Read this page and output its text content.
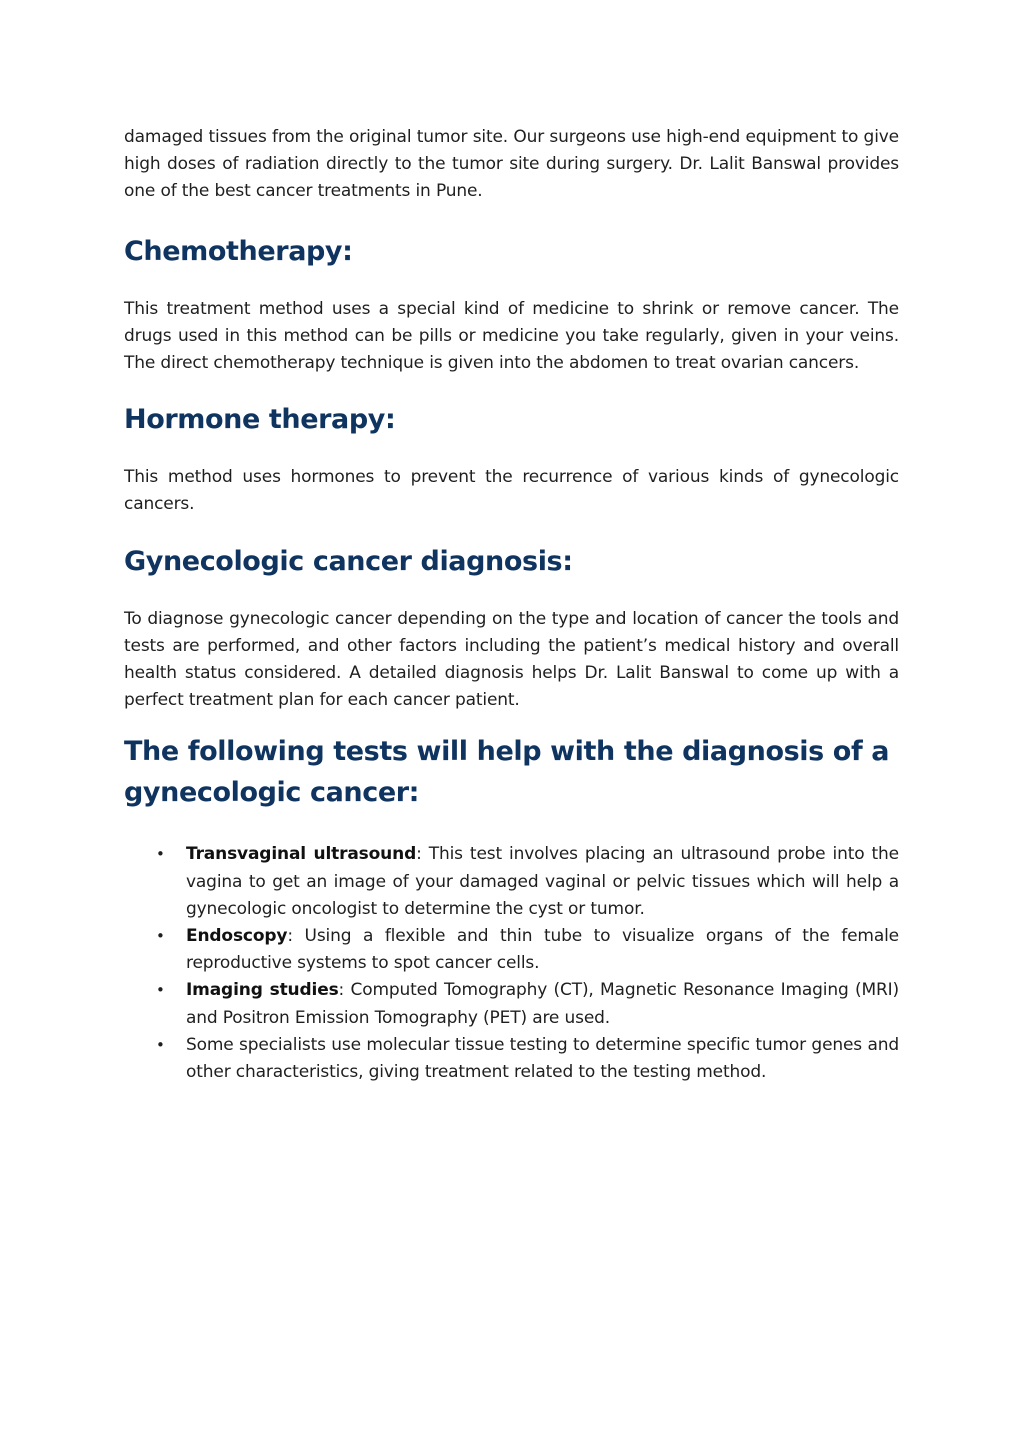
damaged tissues from the original tumor site. Our surgeons use high-end equipment to give high doses of radiation directly to the tumor site during surgery. Dr. Lalit Banswal provides one of the best cancer treatments in Pune.

Chemotherapy:

This treatment method uses a special kind of medicine to shrink or remove cancer. The drugs used in this method can be pills or medicine you take regularly, given in your veins. The direct chemotherapy technique is given into the abdomen to treat ovarian cancers.

Hormone therapy:

This method uses hormones to prevent the recurrence of various kinds of gynecologic cancers.

Gynecologic cancer diagnosis:

To diagnose gynecologic cancer depending on the type and location of cancer the tools and tests are performed, and other factors including the patient’s medical history and overall health status considered. A detailed diagnosis helps Dr. Lalit Banswal to come up with a perfect treatment plan for each cancer patient.

The following tests will help with the diagnosis of a gynecologic cancer:
• Transvaginal ultrasound: This test involves placing an ultrasound probe into the vagina to get an image of your damaged vaginal or pelvic tissues which will help a gynecologic oncologist to determine the cyst or tumor.
• Endoscopy: Using a flexible and thin tube to visualize organs of the female reproductive systems to spot cancer cells.
• Imaging studies: Computed Tomography (CT), Magnetic Resonance Imaging (MRI) and Positron Emission Tomography (PET) are used.
• Some specialists use molecular tissue testing to determine specific tumor genes and other characteristics, giving treatment related to the testing method.
